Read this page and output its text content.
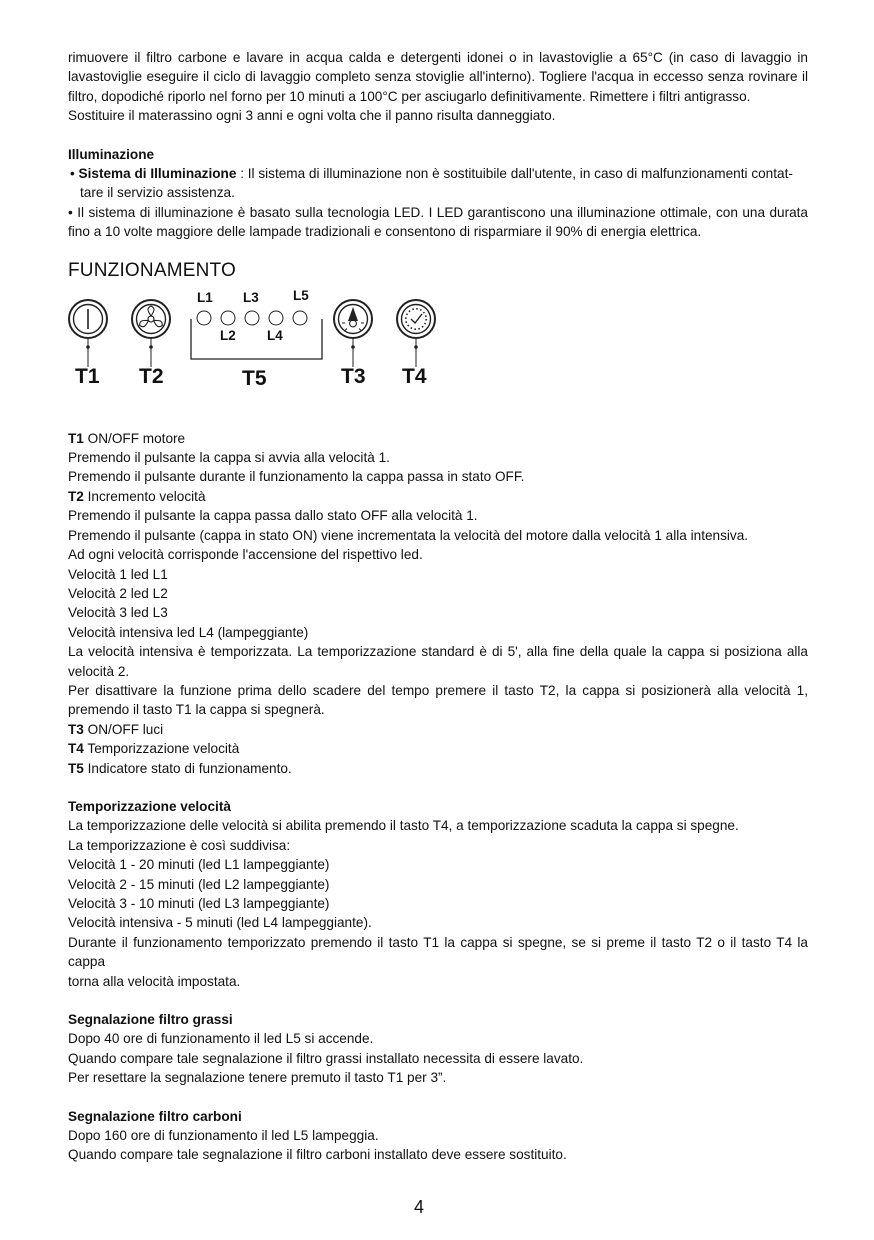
rimuovere il filtro carbone e lavare in acqua calda e detergenti idonei o in lavastoviglie a 65°C (in caso di lavaggio in lavastoviglie eseguire il ciclo di lavaggio completo senza stoviglie all'interno). Togliere l'acqua in eccesso senza rovinare il filtro, dopodiché riporlo nel forno per 10 minuti a 100°C per asciugarlo definitivamente. Rimettere i filtri antigrasso.

Sostituire il materassino ogni 3 anni e ogni volta che il panno risulta danneggiato.

Illuminazione

• Sistema di Illuminazione : Il sistema di illuminazione non è sostituibile dall'utente, in caso di malfunzionamenti contat-

tare il servizio assistenza.

• Il sistema di illuminazione è basato sulla tecnologia LED. I LED garantiscono una illuminazione ottimale, con una durata fino a 10 volte maggiore delle lampade tradizionali e consentono di risparmiare il 90% di energia elettrica.

FUNZIONAMENTO
L1 L3	L5
L2 L4
T1 T2	T5	T3 T4

T1 ON/OFF motore

Premendo il pulsante la cappa si avvia alla velocità 1.

Premendo il pulsante durante il funzionamento la cappa passa in stato OFF.

T2 Incremento velocità

Premendo il pulsante la cappa passa dallo stato OFF alla velocità 1.

Premendo il pulsante (cappa in stato ON) viene incrementata la velocità del motore dalla velocità 1 alla intensiva.

Ad ogni velocità corrisponde l'accensione del rispettivo led.

Velocità 1 led L1

Velocità 2 led L2

Velocità 3 led L3

Velocità intensiva led L4 (lampeggiante)

La velocità intensiva è temporizzata. La temporizzazione standard è di 5', alla fine della quale la cappa si posiziona alla velocità 2.

Per disattivare la funzione prima dello scadere del tempo premere il tasto T2, la cappa si posizionerà alla velocità 1, premendo il tasto T1 la cappa si spegnerà.

T3 ON/OFF luci

T4 Temporizzazione velocità

T5 Indicatore stato di funzionamento.

Temporizzazione velocità

La temporizzazione delle velocità si abilita premendo il tasto T4, a temporizzazione scaduta la cappa si spegne.

La temporizzazione è così suddivisa:

Velocità 1 - 20 minuti (led L1 lampeggiante)

Velocità 2 - 15 minuti (led L2 lampeggiante)

Velocità 3 - 10 minuti (led L3 lampeggiante)

Velocità intensiva - 5 minuti (led L4 lampeggiante).

Durante il funzionamento temporizzato premendo il tasto T1 la cappa si spegne, se si preme il tasto T2 o il tasto T4 la cappa

torna alla velocità impostata.

Segnalazione filtro grassi

Dopo 40 ore di funzionamento il led L5 si accende.

Quando compare tale segnalazione il filtro grassi installato necessita di essere lavato.

Per resettare la segnalazione tenere premuto il tasto T1 per 3”.

Segnalazione filtro carboni

Dopo 160 ore di funzionamento il led L5 lampeggia.

Quando compare tale segnalazione il filtro carboni installato deve essere sostituito.

4
